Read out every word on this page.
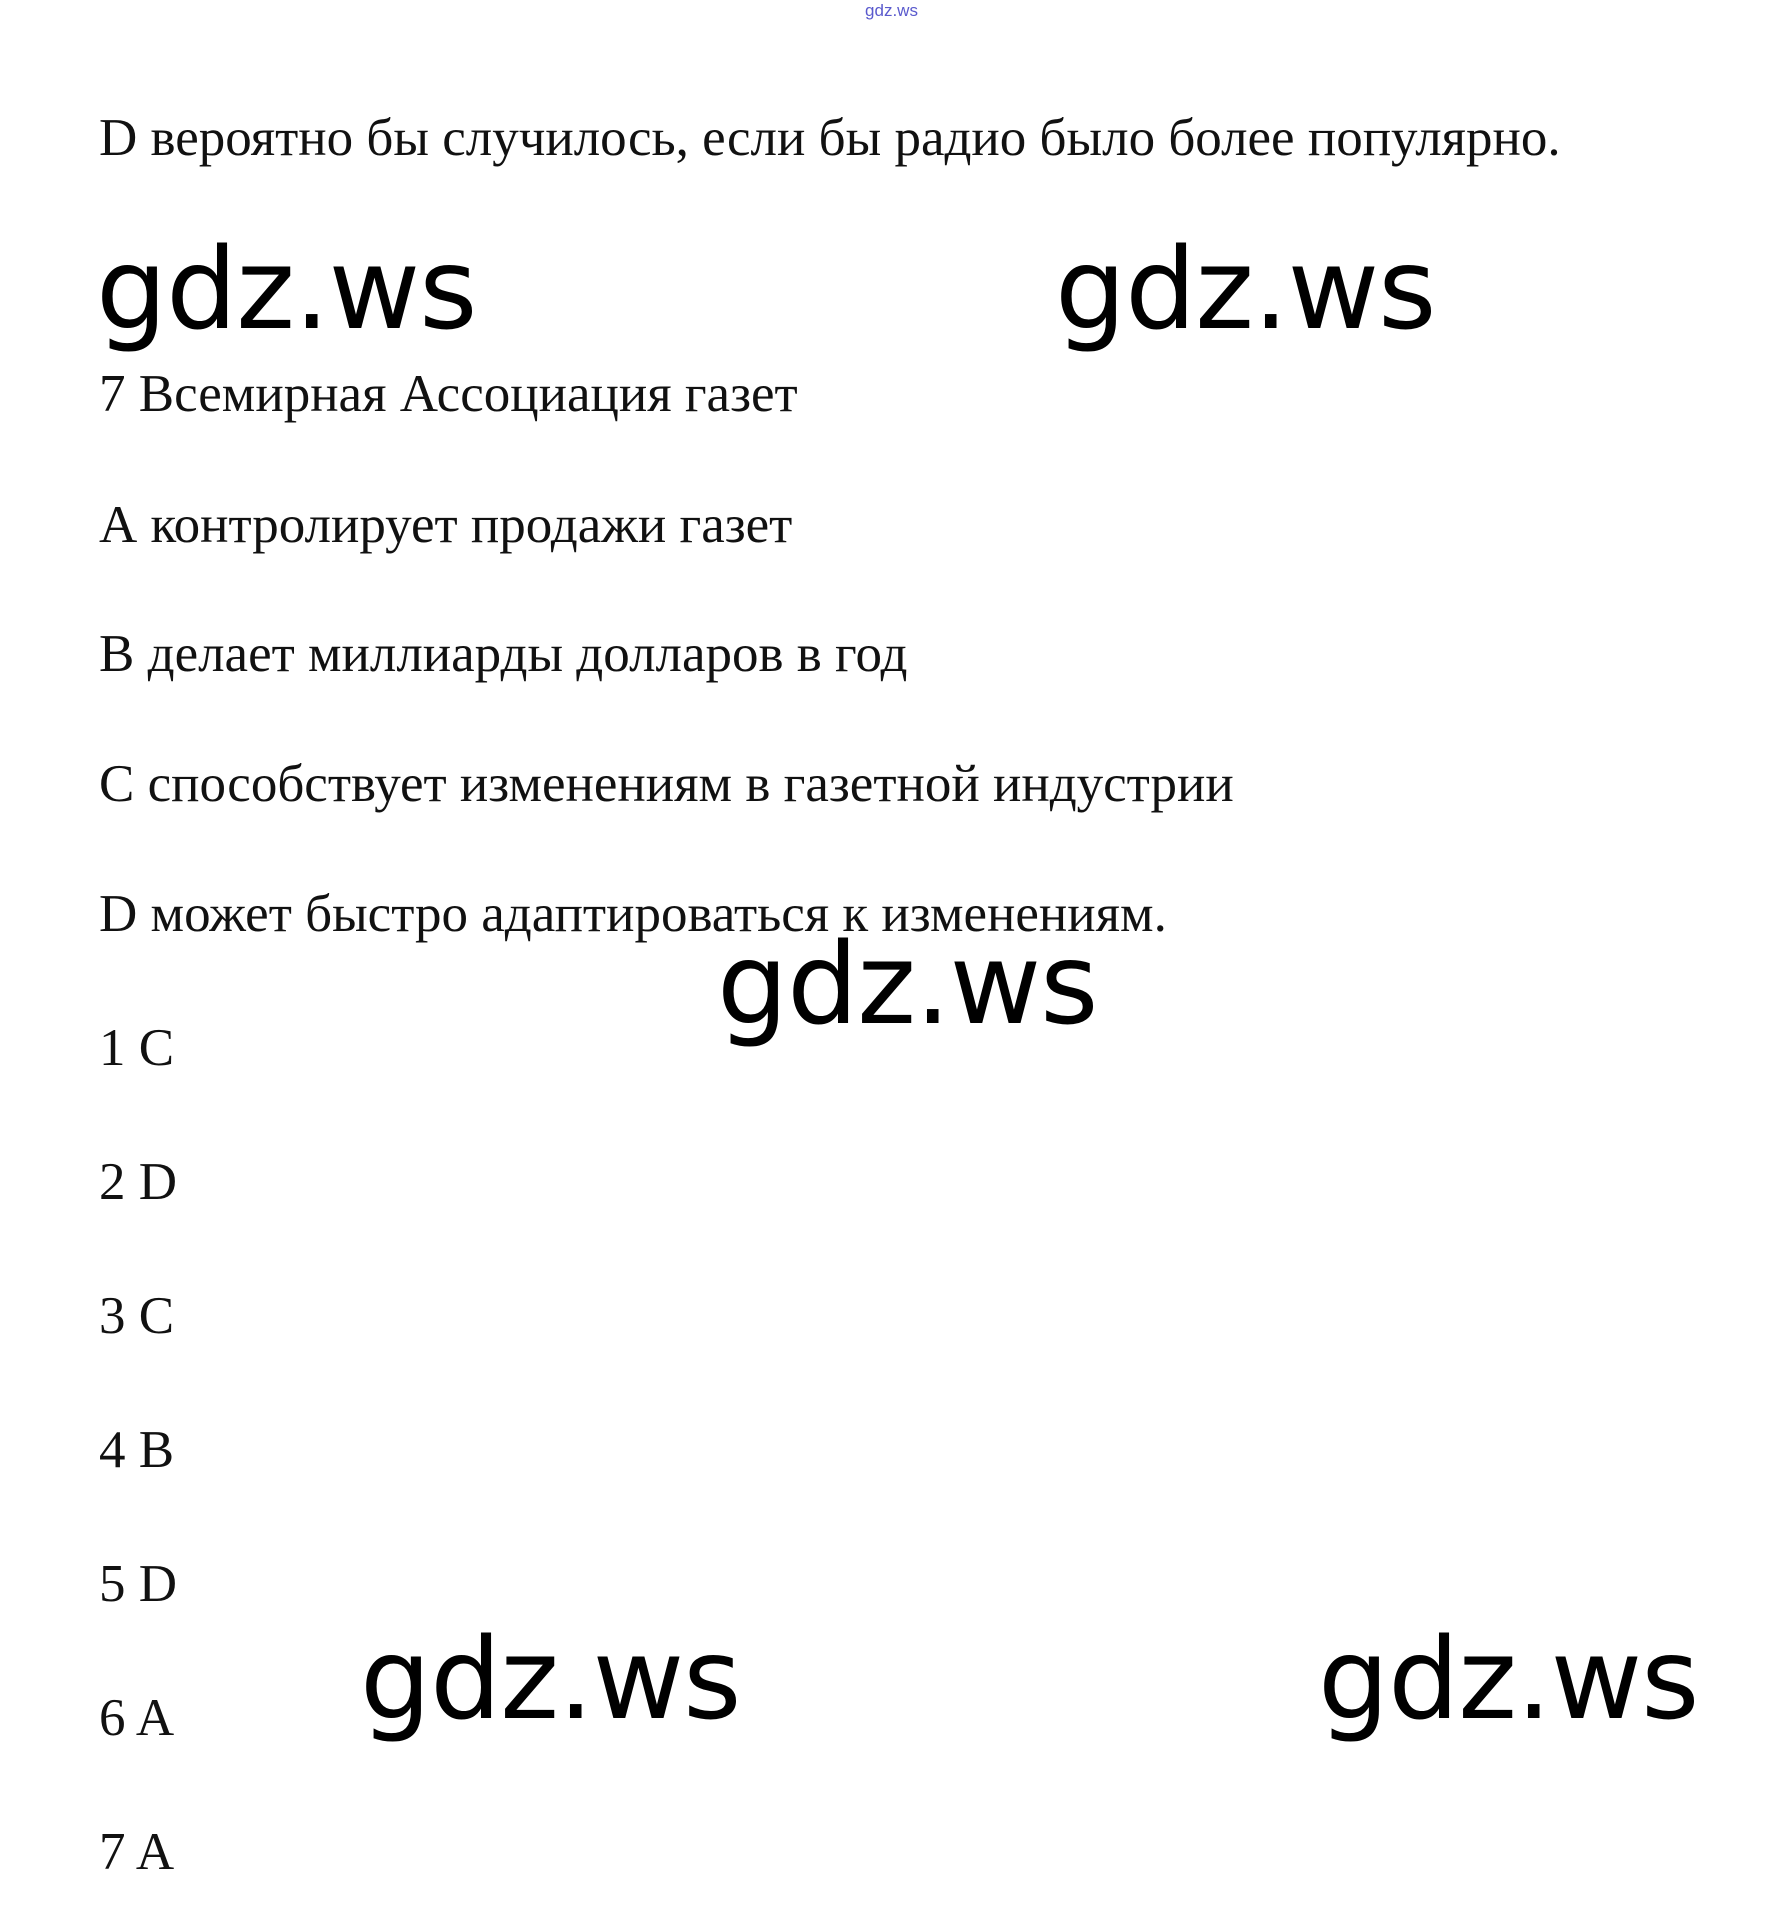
gdz.ws
D вероятно бы случилось, если бы радио было более популярно.
7 Всемирная Ассоциация газет
А контролирует продажи газет
В делает миллиарды долларов в год
С способствует изменениям в газетной индустрии
D может быстро адаптироваться к изменениям.
1 C
2 D
3 C
4 B
5 D
6 A
7 A
gdz.ws	gdz.ws
gdz.ws
gdz.ws	gdz.ws
